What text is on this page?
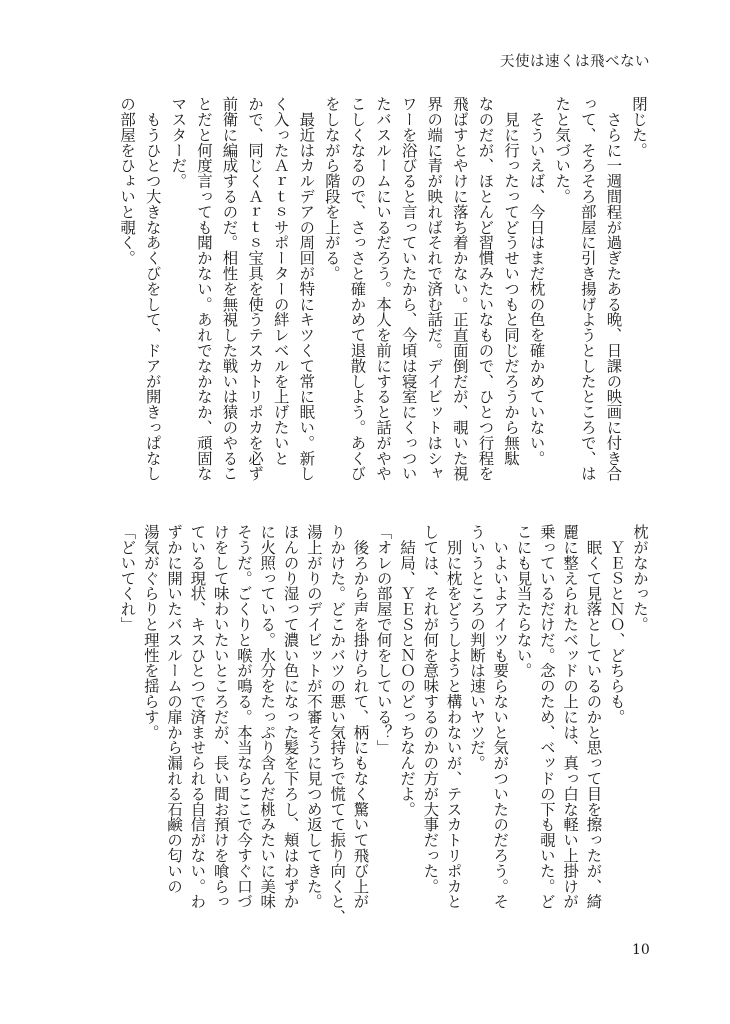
天使は速くは飛べない
閉じた。
　さらに一週間程が過ぎたある晩、日課の映画に付き合
って、そろそろ部屋に引き揚げようとしたところで、は
たと気づいた。
　そういえば、今日はまだ枕の色を確かめていない。
　見に行ったってどうせいつもと同じだろうから無駄
なのだが、ほとんど習慣みたいなもので、ひとつ行程を
飛ばすとやけに落ち着かない。正直面倒だが、覗いた視
界の端に青が映ればそれで済む話だ。デイビットはシャ
ワーを浴びると言っていたから、今頃は寝室にくっつい
たバスルームにいるだろう。本人を前にすると話がやや
こしくなるので、さっさと確かめて退散しよう。あくび
をしながら階段を上がる。
　最近はカルデアの周回が特にキツくて常に眠い。新し
く入ったＡｒｔｓサポーターの絆レベルを上げたいと
かで、同じくＡｒｔｓ宝具を使うテスカトリポカを必ず
前衛に編成するのだ。相性を無視した戦いは猿のやるこ
とだと何度言っても聞かない。あれでなかなか、頑固な
マスターだ。
　もうひとつ大きなあくびをして、ドアが開きっぱなし
の部屋をひょいと覗く。
枕がなかった。
　ＹＥＳとＮＯ、どちらも。
　眠くて見落としているのかと思って目を擦ったが、綺
麗に整えられたベッドの上には、真っ白な軽い上掛けが
乗っているだけだ。念のため、ベッドの下も覗いた。ど
こにも見当たらない。
　いよいよアイツも要らないと気がついたのだろう。そ
ういうところの判断は速いヤツだ。
　別に枕をどうしようと構わないが、テスカトリポカと
しては、それが何を意味するのかの方が大事だった。
　結局、ＹＥＳとＮＯのどっちなんだよ。
「オレの部屋で何をしている？」
　後ろから声を掛けられて、柄にもなく驚いて飛び上が
りかけた。どこかバツの悪い気持ちで慌てて振り向くと、
湯上がりのデイビットが不審そうに見つめ返してきた。
ほんのり湿って濃い色になった髪を下ろし、頬はわずか
に火照っている。水分をたっぷり含んだ桃みたいに美味
そうだ。ごくりと喉が鳴る。本当ならここで今すぐ口づ
けをして味わいたいところだが、長い間お預けを喰らっ
ている現状、キスひとつで済ませられる自信がない。わ
ずかに開いたバスルームの扉から漏れる石鹸の匂いの
湯気がぐらりと理性を揺らす。
「どいてくれ」
10
